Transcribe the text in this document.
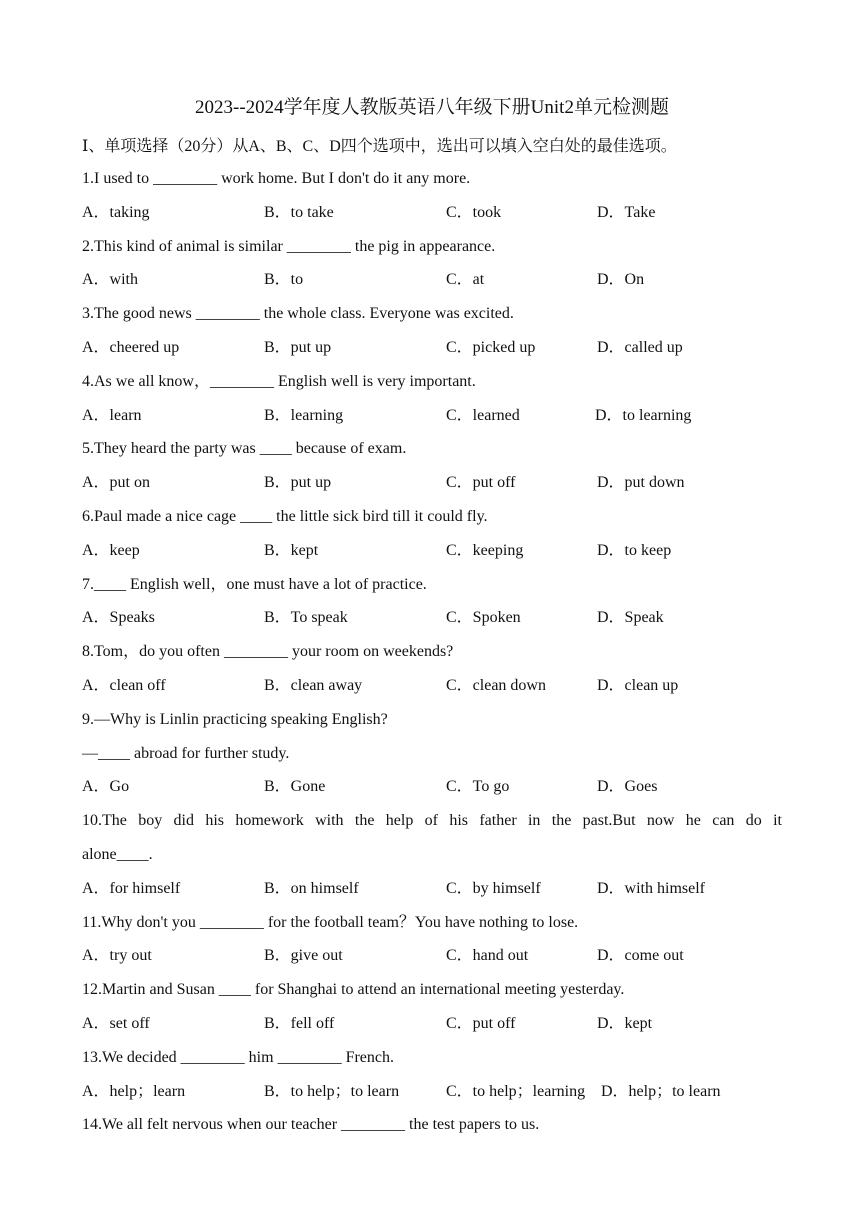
2023--2024学年度人教版英语八年级下册Unit2单元检测题
Ⅰ、单项选择（20分）从A、B、C、D四个选项中，选出可以填入空白处的最佳选项。
1.I used to ________ work home. But I don't do it any more.
A．taking	B．to take	C．took	D．Take
2.This kind of animal is similar ________ the pig in appearance.
A．with	B．to	C．at	D．On
3.The good news ________ the whole class. Everyone was excited.
A．cheered up	B．put up	C．picked up	D．called up
4.As we all know，________ English well is very important.
A．learn	B．learning	C．learned	D．to learning
5.They heard the party was ____ because of exam.
A．put on	B．put up	C．put off	D．put down
6.Paul made a nice cage ____ the little sick bird till it could fly.
A．keep	B．kept	C．keeping	D．to keep
7.____ English well，one must have a lot of practice.
A．Speaks	B．To speak	C．Spoken	D．Speak
8.Tom，do you often ________ your room on weekends?
A．clean off	B．clean away	C．clean down	D．clean up
9.—Why is Linlin practicing speaking English?
—____ abroad for further study.
A．Go	B．Gone	C．To go	D．Goes
10.The boy did his homework with the help of his father in the past.But now he can do it
alone____.
A．for himself	B．on himself	C．by himself	D．with himself
11.Why don't you ________ for the football team？You have nothing to lose.
A．try out	B．give out	C．hand out	D．come out
12.Martin and Susan ____ for Shanghai to attend an international meeting yesterday.
A．set off	B．fell off	C．put off	D．kept
13.We decided ________ him ________ French.
A．help；learn	B．to help；to learn	C．to help；learning D．help；to learn
14.We all felt nervous when our teacher ________ the test papers to us.
